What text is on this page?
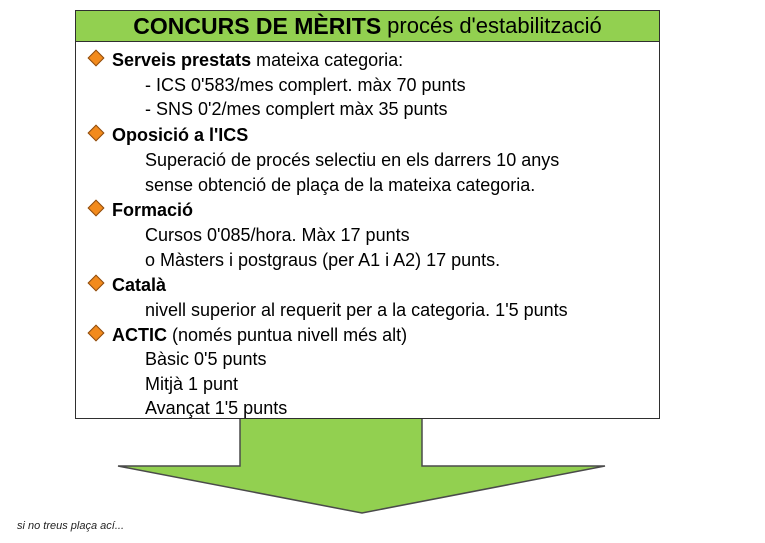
CONCURS DE MÈRITS procés d'estabilització
Serveis prestats mateixa categoria:
- ICS 0'583/mes complert. màx 70 punts
- SNS 0'2/mes complert màx 35 punts
Oposició a l'ICS
Superació de procés selectiu en els darrers 10 anys
sense obtenció de plaça de la mateixa categoria.
Formació
Cursos 0'085/hora. Màx 17 punts
o Màsters i postgraus (per A1 i A2) 17 punts.
Català
nivell superior al requerit per a la categoria. 1'5 punts
ACTIC (només puntua nivell més alt)
Bàsic 0'5 punts
Mitjà 1 punt
Avançat 1'5 punts
si no treus plaça ací...
